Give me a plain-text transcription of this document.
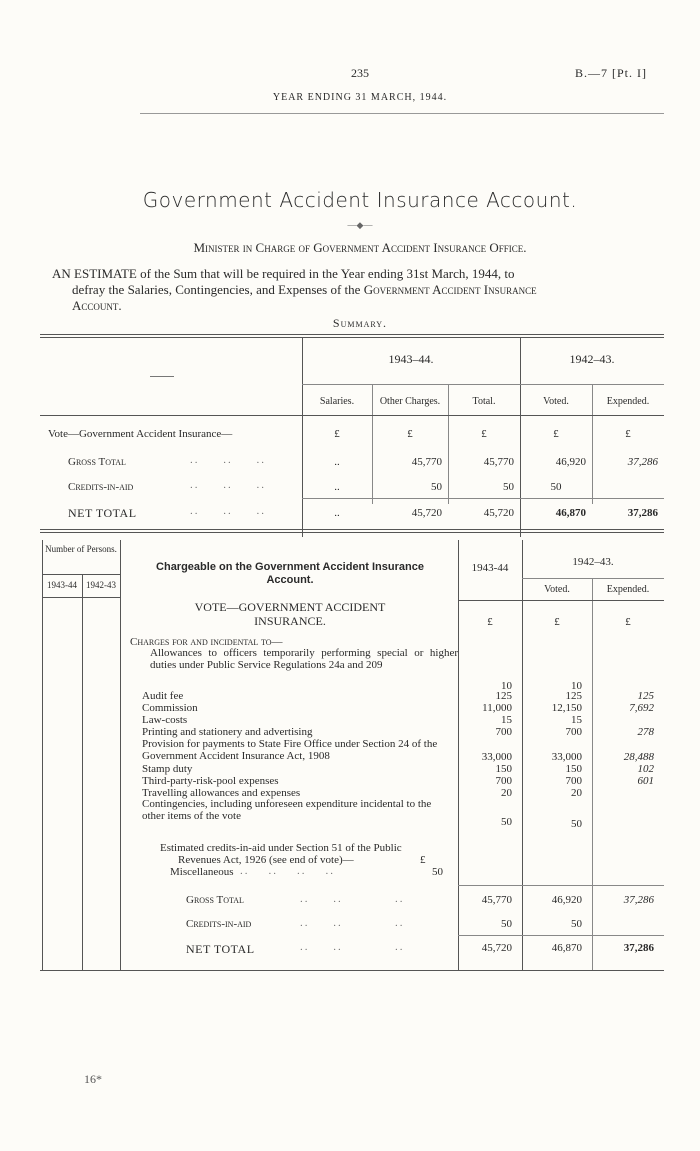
235	B.—7 [Pt. I]
YEAR ENDING 31 MARCH, 1944.
Government Accident Insurance Account.
—◆—
Minister in Charge of Government Accident Insurance Office.
AN ESTIMATE of the Sum that will be required in the Year ending 31st March, 1944, to
defray the Salaries, Contingencies, and Expenses of the Government Accident Insurance
Account.
Summary.
1943–44.	1942–43.
Salaries.	Other Charges.	Total.	Voted.	Expended.
Vote—Government Accident Insurance—	£	£	£	£	£
Gross Total	..     ..     ..	..	45,770	45,770	46,920	37,286
Credits-in-aid	..     ..     ..	..	50	50	50
NET TOTAL	..     ..     ..	..	45,720	45,720	46,870	37,286
Number of Persons.
1943-44	1942-43
Chargeable on the Government Accident Insurance Account.
1943-44	1942–43.
Voted.	Expended.
VOTE—GOVERNMENT ACCIDENT INSURANCE.	£	£	£
Charges for and incidental to—
Allowances to officers temporarily performing special or higher duties under Public Service Regulations 24a and 209
10	10
Audit fee	125	125	125
Commission	11,000	12,150	7,692
Law-costs	15	15
Printing and stationery and advertising	700	700	278
Provision for payments to State Fire Office under Section 24 of the Government Accident Insurance Act, 1908	33,000	33,000	28,488
Stamp duty	150	150	102
Third-party-risk-pool expenses	700	700	601
Travelling allowances and expenses	20	20
Contingencies, including unforeseen expenditure incidental to the other items of the vote
50	50
Estimated credits-in-aid under Section 51 of the Public
Revenues Act, 1926 (see end of vote)—	£
Miscellaneous ..    ..    ..    ..	50
Gross Total	..     ..           ..	45,770	46,920	37,286
Credits-in-aid	..     ..           ..	50	50
NET TOTAL	..     ..           ..	45,720	46,870	37,286
16*
